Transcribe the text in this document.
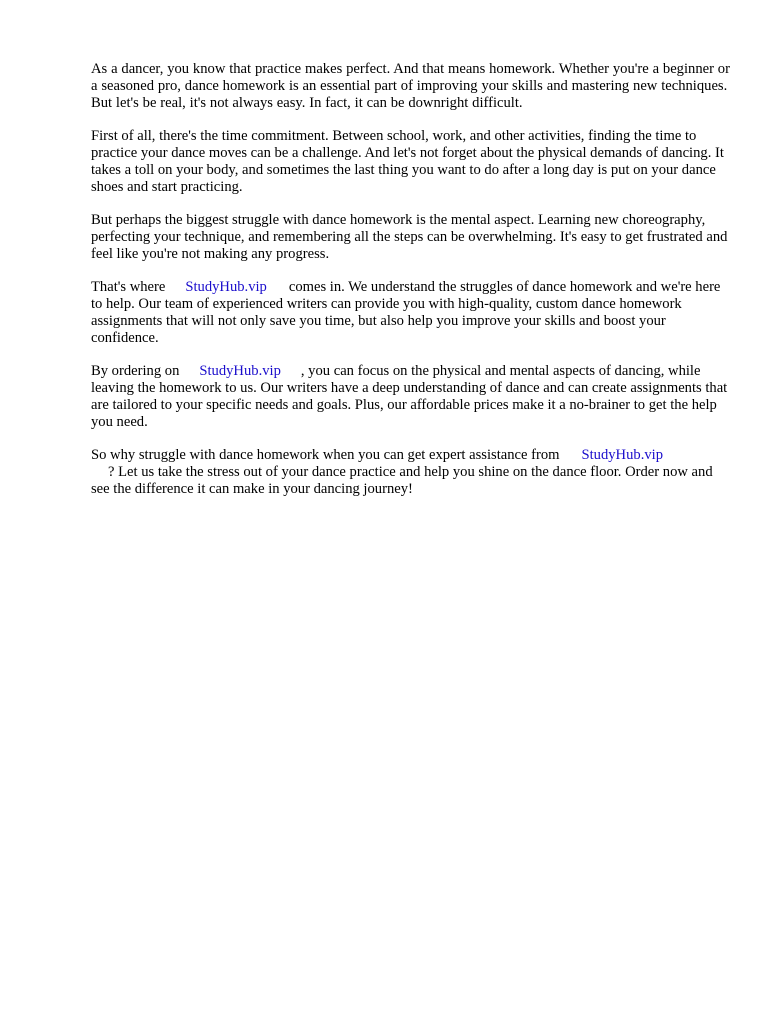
As a dancer, you know that practice makes perfect. And that means homework. Whether you're a beginner or a seasoned pro, dance homework is an essential part of improving your skills and mastering new techniques. But let's be real, it's not always easy. In fact, it can be downright difficult.

First of all, there's the time commitment. Between school, work, and other activities, finding the time to practice your dance moves can be a challenge. And let's not forget about the physical demands of dancing. It takes a toll on your body, and sometimes the last thing you want to do after a long day is put on your dance shoes and start practicing.

But perhaps the biggest struggle with dance homework is the mental aspect. Learning new choreography, perfecting your technique, and remembering all the steps can be overwhelming. It's easy to get frustrated and feel like you're not making any progress.

That's where StudyHub.vip comes in. We understand the struggles of dance homework and we're here to help. Our team of experienced writers can provide you with high-quality, custom dance homework assignments that will not only save you time, but also help you improve your skills and boost your confidence.

By ordering on StudyHub.vip , you can focus on the physical and mental aspects of dancing, while leaving the homework to us. Our writers have a deep understanding of dance and can create assignments that are tailored to your specific needs and goals. Plus, our affordable prices make it a no-brainer to get the help you need.

So why struggle with dance homework when you can get expert assistance from StudyHub.vip
? Let us take the stress out of your dance practice and help you shine on the dance floor. Order now and see the difference it can make in your dancing journey!
